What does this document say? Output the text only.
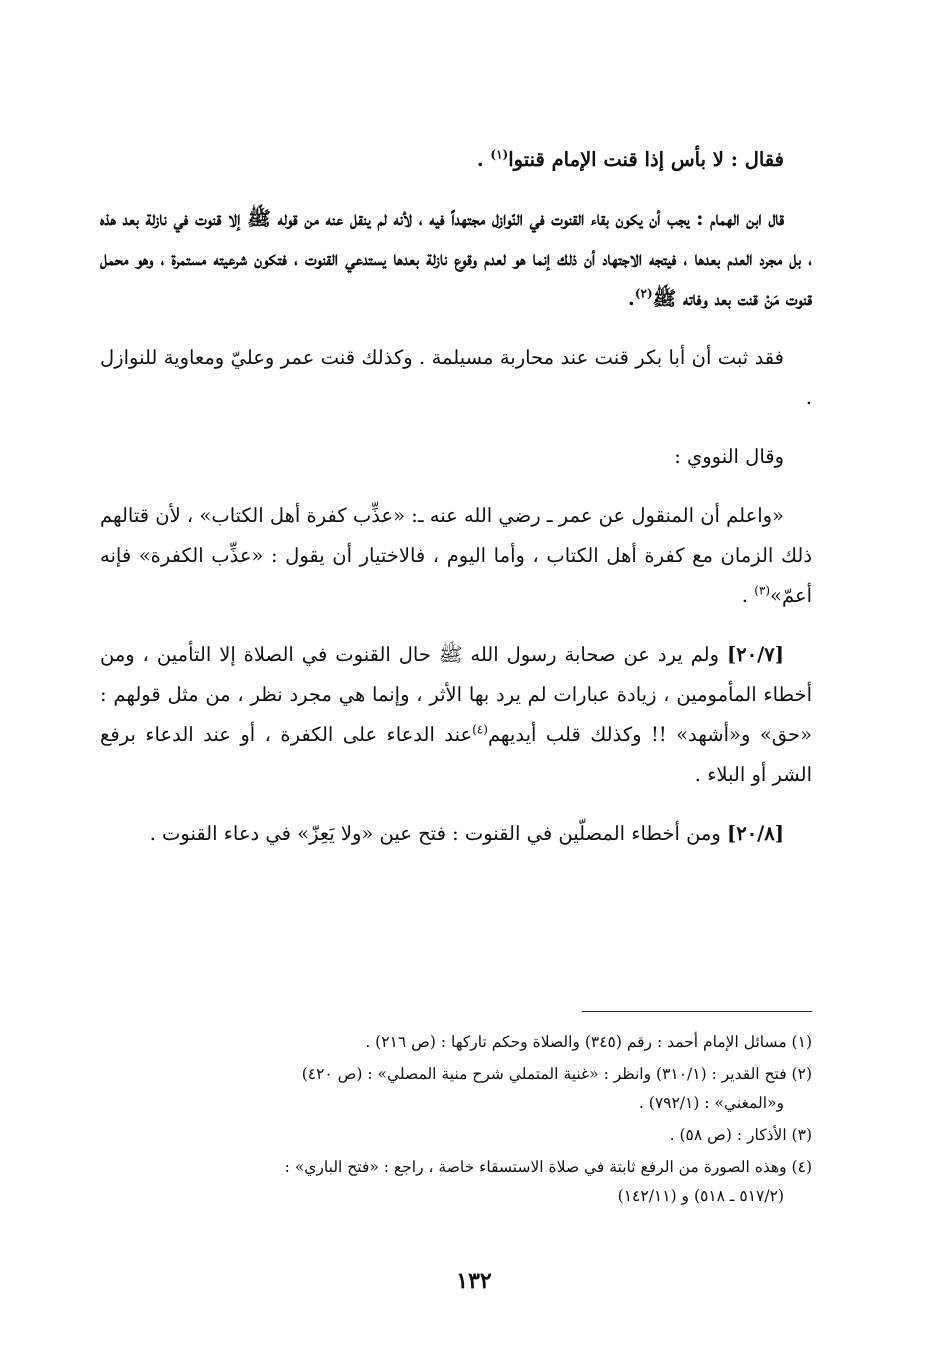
فقال : لا بأس إذا قنت الإمام قنتوا$^{(١)}$ .

قال ابن الهمام : يجب أن يكون بقاء القنوت في النّوازل مجتهداً فيه ، لأنه لم ينقل عنه من قوله ﷺ إلا قنوت في نازلة بعد هذه ، بل مجرد العدم بعدها ، فيتجه الاجتهاد أن ذلك إنما هو لعدم وقوع نازلة بعدها يستدعي القنوت ، فتكون شرعيته مستمرة ، وهو محمل قنوت مَنْ قنت بعد وفاته ﷺ$^{(٢)}$.

فقد ثبت أن أبا بكر قنت عند محاربة مسيلمة . وكذلك قنت عمر وعليّ ومعاوية للنوازل .

وقال النووي :

«واعلم أن المنقول عن عمر ـ رضي الله عنه ـ: «عذِّب كفرة أهل الكتاب» ، لأن قتالهم ذلك الزمان مع كفرة أهل الكتاب ، وأما اليوم ، فالاختيار أن يقول : «عذِّب الكفرة» فإنه أعمّ»$^{(٣)}$ .

[٢٠/٧] ولم يرد عن صحابة رسول الله ﷺ حال القنوت في الصلاة إلا التأمين ، ومن أخطاء المأمومين ، زيادة عبارات لم يرد بها الأثر ، وإنما هي مجرد نظر ، من مثل قولهم : «حق» و«أشهد» !! وكذلك قلب أيديهم$^{(٤)}$عند الدعاء على الكفرة ، أو عند الدعاء برفع الشر أو البلاء .

[٢٠/٨] ومن أخطاء المصلّين في القنوت : فتح عين «ولا يَعِزّ» في دعاء القنوت .

(١) مسائل الإمام أحمد : رقم (٣٤٥) والصلاة وحكم تاركها : (ص ٢١٦) .
(٢) فتح القدير : (٣١٠/١) وانظر : «غنية المتملي شرح منية المصلي» : (ص ٤٢٠)
و«المغني» : (٧٩٢/١) .
(٣) الأذكار : (ص ٥٨) .
(٤) وهذه الصورة من الرفع ثابتة في صلاة الاستسقاء خاصة ، راجع : «فتح الباري» :
(٥١٧/٢ ـ ٥١٨) و (١٤٢/١١)
١٣٢
